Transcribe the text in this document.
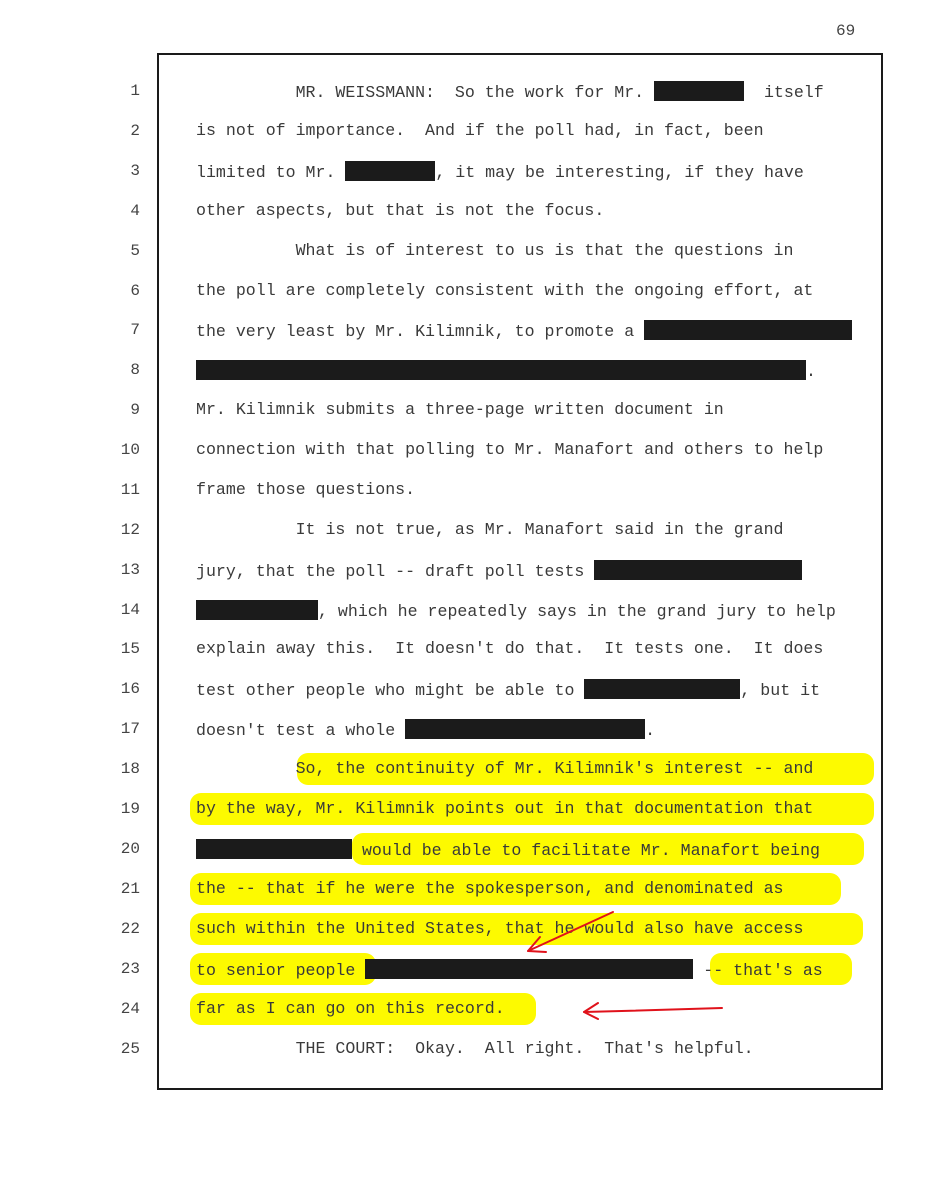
69
1
2
3
4
5
6
7
8
9
10
11
12
13
14
15
16
17
18
19
20
21
22
23
24
25
MR. WEISSMANN:  So the work for Mr.	itself
is not of importance.  And if the poll had, in fact, been
limited to Mr.	, it may be interesting, if they have
other aspects, but that is not the focus.
What is of interest to us is that the questions in
the poll are completely consistent with the ongoing effort, at
the very least by Mr. Kilimnik, to promote a
.
Mr. Kilimnik submits a three-page written document in
connection with that polling to Mr. Manafort and others to help
frame those questions.
It is not true, as Mr. Manafort said in the grand
jury, that the poll -- draft poll tests
, which he repeatedly says in the grand jury to help
explain away this.  It doesn't do that.  It tests one.  It does
test other people who might be able to	, but it
doesn't test a whole	.
So, the continuity of Mr. Kilimnik's interest -- and
by the way, Mr. Kilimnik points out in that documentation that
would be able to facilitate Mr. Manafort being
the -- that if he were the spokesperson, and denominated as
such within the United States, that he would also have access
to senior people	-- that's as
far as I can go on this record.
THE COURT:  Okay.  All right.  That's helpful.
